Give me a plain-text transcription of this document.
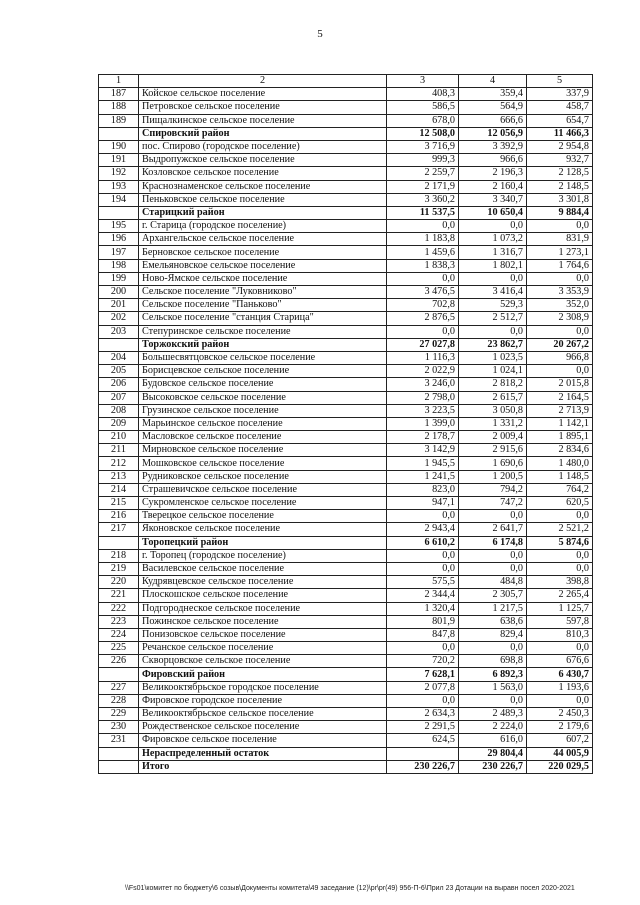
5
1	2	3	4	5
187	Койское сельское поселение	408,3	359,4	337,9
188	Петровское сельское поселение	586,5	564,9	458,7
189	Пищалкинское сельское поселение	678,0	666,6	654,7
	Спировский район	12 508,0	12 056,9	11 466,3
190	пос. Спирово (городское поселение)	3 716,9	3 392,9	2 954,8
191	Выдропужское сельское поселение	999,3	966,6	932,7
192	Козловское сельское поселение	2 259,7	2 196,3	2 128,5
193	Краснознаменское сельское поселение	2 171,9	2 160,4	2 148,5
194	Пеньковское сельское поселение	3 360,2	3 340,7	3 301,8
	Старицкий район	11 537,5	10 650,4	9 884,4
195	г. Старица (городское поселение)	0,0	0,0	0,0
196	Архангельское сельское поселение	1 183,8	1 073,2	831,9
197	Берновское сельское поселение	1 459,6	1 316,7	1 273,1
198	Емельяновское сельское поселение	1 838,3	1 802,1	1 764,6
199	Ново-Ямское сельское поселение	0,0	0,0	0,0
200	Сельское поселение "Луковниково"	3 476,5	3 416,4	3 353,9
201	Сельское поселение "Паньково"	702,8	529,3	352,0
202	Сельское поселение "станция Старица"	2 876,5	2 512,7	2 308,9
203	Степуринское сельское поселение	0,0	0,0	0,0
	Торжокский район	27 027,8	23 862,7	20 267,2
204	Большесвятцовское сельское поселение	1 116,3	1 023,5	966,8
205	Борисцевское сельское поселение	2 022,9	1 024,1	0,0
206	Будовское сельское поселение	3 246,0	2 818,2	2 015,8
207	Высоковское сельское поселение	2 798,0	2 615,7	2 164,5
208	Грузинское сельское поселение	3 223,5	3 050,8	2 713,9
209	Марьинское сельское поселение	1 399,0	1 331,2	1 142,1
210	Масловское сельское поселение	2 178,7	2 009,4	1 895,1
211	Мирновское сельское поселение	3 142,9	2 915,6	2 834,6
212	Мошковское сельское поселение	1 945,5	1 690,6	1 480,0
213	Рудниковское сельское поселение	1 241,5	1 200,5	1 148,5
214	Страшевичское сельское поселение	823,0	794,2	764,2
215	Сукромленское сельское поселение	947,1	747,2	620,5
216	Тверецкое сельское поселение	0,0	0,0	0,0
217	Яконовское сельское поселение	2 943,4	2 641,7	2 521,2
	Торопецкий район	6 610,2	6 174,8	5 874,6
218	г. Торопец (городское поселение)	0,0	0,0	0,0
219	Василевское сельское поселение	0,0	0,0	0,0
220	Кудрявцевское сельское поселение	575,5	484,8	398,8
221	Плоскошское сельское поселение	2 344,4	2 305,7	2 265,4
222	Подгороднеское сельское поселение	1 320,4	1 217,5	1 125,7
223	Пожинское сельское поселение	801,9	638,6	597,8
224	Понизовское сельское поселение	847,8	829,4	810,3
225	Речанское сельское поселение	0,0	0,0	0,0
226	Скворцовское сельское поселение	720,2	698,8	676,6
	Фировский район	7 628,1	6 892,3	6 430,7
227	Великооктябрьское городское поселение	2 077,8	1 563,0	1 193,6
228	Фировское городское поселение	0,0	0,0	0,0
229	Великооктябрьское сельское поселение	2 634,3	2 489,3	2 450,3
230	Рождественское сельское поселение	2 291,5	2 224,0	2 179,6
231	Фировское сельское поселение	624,5	616,0	607,2
	Нераспределенный остаток		29 804,4	44 005,9
	Итого	230 226,7	230 226,7	220 029,5
\\Fs01\комитет по бюджету\6 созыв\Документы комитета\49 заседание (12)\рr\рr(49) 956-П-6\Прил 23 Дотации на выравн посел 2020-2021
